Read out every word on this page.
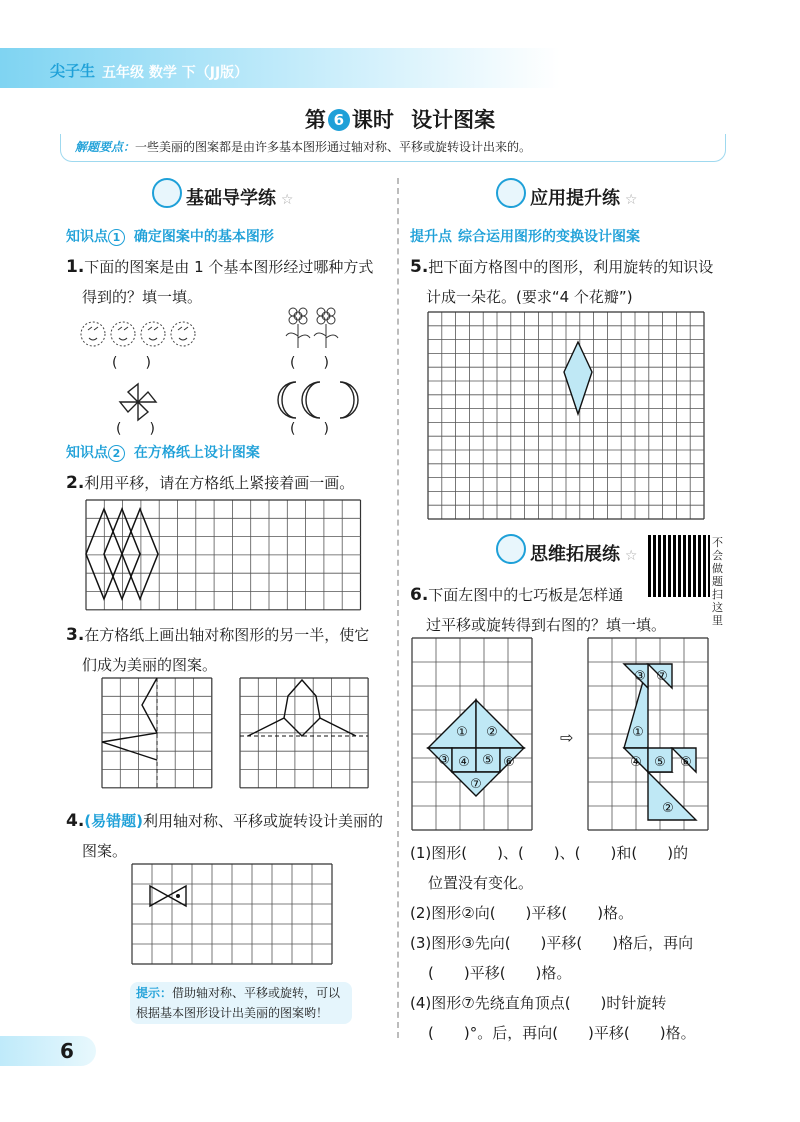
尖子生 五年级 数学 下（JJ版）
第 6 课时 设计图案
解题要点：一些美丽的图案都是由许多基本图形通过轴对称、平移或旋转设计出来的。
基础导学练 ☆
知识点 1 确定图案中的基本图形
1.下面的图案是由 1 个基本图形经过哪种方式
得到的？填一填。
(　　)	(　　)
(　　)	(　　)
知识点 2 在方格纸上设计图案
2.利用平移，请在方格纸上紧接着画一画。
3.在方格纸上画出轴对称图形的另一半，使它
们成为美丽的图案。
4.(易错题)利用轴对称、平移或旋转设计美丽的
图案。
提示：借助轴对称、平移或旋转，可以
根据基本图形设计出美丽的图案哟！
应用提升练 ☆
提升点 综合运用图形的变换设计图案
5.把下面方格图中的图形，利用旋转的知识设
计成一朵花。(要求“4 个花瓣”)
思维拓展练 ☆
不会做题扫这里
6.下面左图中的七巧板是怎样通
过平移或旋转得到右图的？填一填。
① ②
③ ④ ⑤ ⑥
⑦
⇨	①
②
③
④ ⑤ ⑥
⑦
(1)图形(　　)、(　　)、(　　)和(　　)的
位置没有变化。
(2)图形②向(　　)平移(　　)格。
(3)图形③先向(　　)平移(　　)格后，再向
(　　)平移(　　)格。
(4)图形⑦先绕直角顶点(　　)时针旋转
(　　)°。后，再向(　　)平移(　　)格。
6
